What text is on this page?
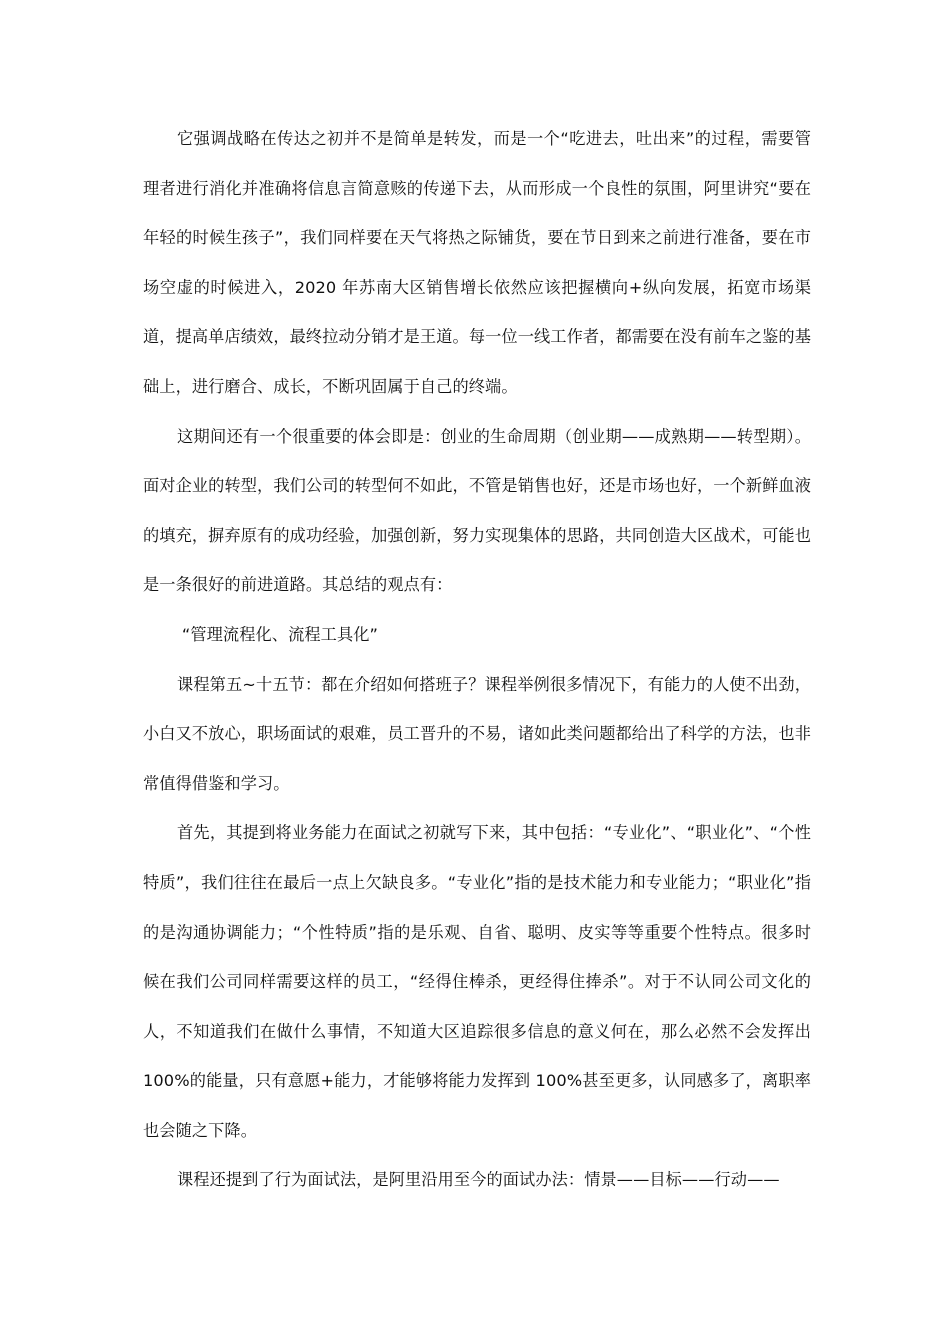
它强调战略在传达之初并不是简单是转发，而是一个“吃进去，吐出来”的过程，需要管理者进行消化并准确将信息言简意赅的传递下去，从而形成一个良性的氛围，阿里讲究“要在年轻的时候生孩子”，我们同样要在天气将热之际铺货，要在节日到来之前进行准备，要在市场空虚的时候进入，2020 年苏南大区销售增长依然应该把握横向+纵向发展，拓宽市场渠道，提高单店绩效，最终拉动分销才是王道。每一位一线工作者，都需要在没有前车之鉴的基础上，进行磨合、成长，不断巩固属于自己的终端。

这期间还有一个很重要的体会即是：创业的生命周期（创业期——成熟期——转型期）。面对企业的转型，我们公司的转型何不如此，不管是销售也好，还是市场也好，一个新鲜血液的填充，摒弃原有的成功经验，加强创新，努力实现集体的思路，共同创造大区战术，可能也是一条很好的前进道路。其总结的观点有：

“管理流程化、流程工具化”

课程第五~十五节：都在介绍如何搭班子？课程举例很多情况下，有能力的人使不出劲，小白又不放心，职场面试的艰难，员工晋升的不易，诸如此类问题都给出了科学的方法，也非常值得借鉴和学习。

首先，其提到将业务能力在面试之初就写下来，其中包括：“专业化”、“职业化”、“个性特质”，我们往往在最后一点上欠缺良多。“专业化”指的是技术能力和专业能力；“职业化”指的是沟通协调能力；“个性特质”指的是乐观、自省、聪明、皮实等等重要个性特点。很多时候在我们公司同样需要这样的员工，“经得住棒杀，更经得住捧杀”。对于不认同公司文化的人，不知道我们在做什么事情，不知道大区追踪很多信息的意义何在，那么必然不会发挥出 100%的能量，只有意愿+能力，才能够将能力发挥到 100%甚至更多，认同感多了，离职率也会随之下降。

课程还提到了行为面试法，是阿里沿用至今的面试办法：情景——目标——行动——
